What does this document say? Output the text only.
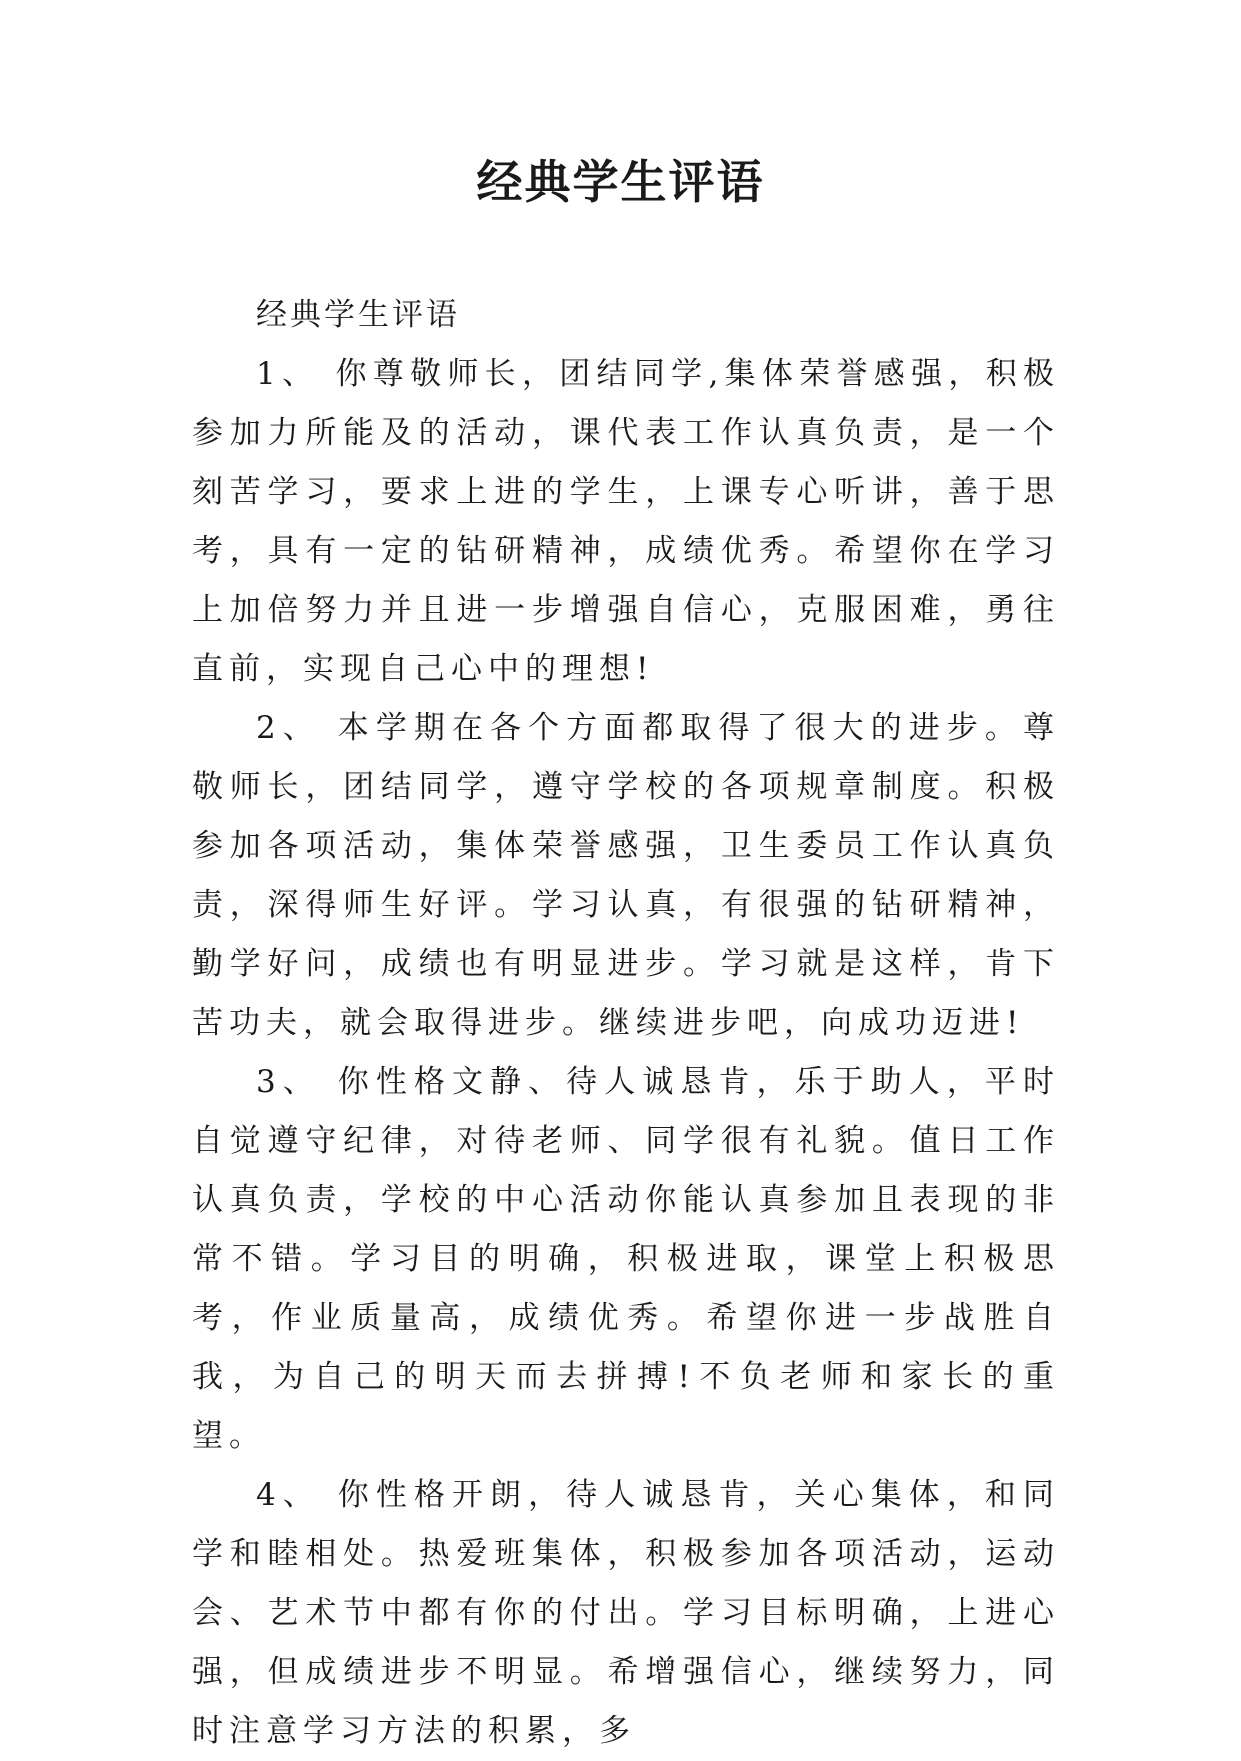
经典学生评语

经典学生评语

1、 你尊敬师长，团结同学,集体荣誉感强，积极参加力所能及的活动，课代表工作认真负责，是一个刻苦学习，要求上进的学生，上课专心听讲，善于思考，具有一定的钻研精神，成绩优秀。希望你在学习上加倍努力并且进一步增强自信心，克服困难，勇往直前，实现自己心中的理想!

2、 本学期在各个方面都取得了很大的进步。尊敬师长，团结同学，遵守学校的各项规章制度。积极参加各项活动，集体荣誉感强，卫生委员工作认真负责，深得师生好评。学习认真，有很强的钻研精神，勤学好问，成绩也有明显进步。学习就是这样，肯下苦功夫，就会取得进步。继续进步吧，向成功迈进!

3、 你性格文静、待人诚恳肯，乐于助人，平时自觉遵守纪律，对待老师、同学很有礼貌。值日工作认真负责，学校的中心活动你能认真参加且表现的非常不错。学习目的明确，积极进取，课堂上积极思考，作业质量高，成绩优秀。希望你进一步战胜自我，为自己的明天而去拼搏!不负老师和家长的重望。

4、 你性格开朗，待人诚恳肯，关心集体，和同学和睦相处。热爱班集体，积极参加各项活动，运动会、艺术节中都有你的付出。学习目标明确，上进心强，但成绩进步不明显。希增强信心，继续努力，同时注意学习方法的积累，多
